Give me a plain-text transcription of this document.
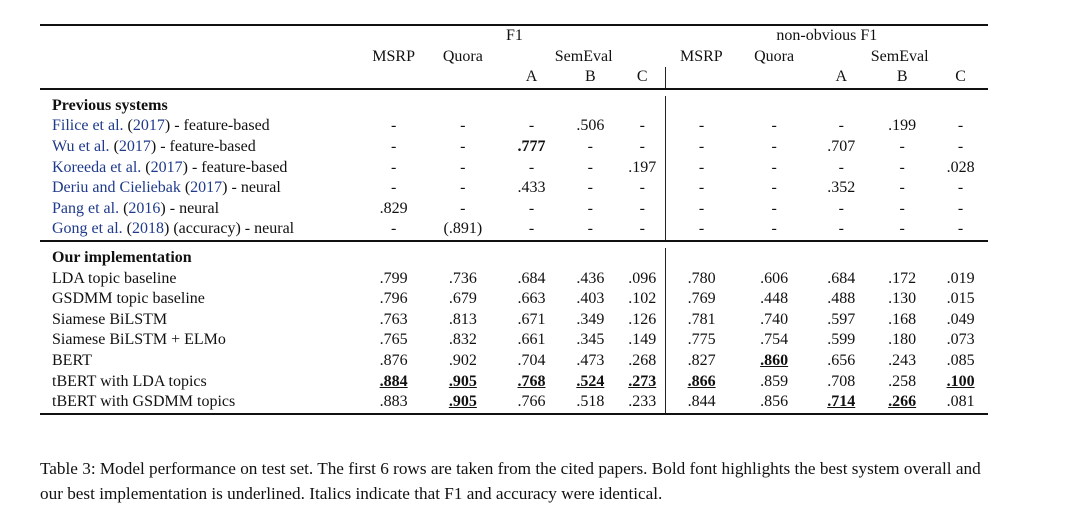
	F1					non-obvious F1				
	MSRP	Quora	SemEval			MSRP	Quora	SemEval		
			A	B	C			A	B	C

Previous systems										
Filice et al. (2017) - feature-based	-	-	-	.506	-	-	-	-	.199	-
Wu et al. (2017) - feature-based	-	-	.777	-	-	-	-	.707	-	-
Koreeda et al. (2017) - feature-based	-	-	-	-	.197	-	-	-	-	.028
Deriu and Cieliebak (2017) - neural	-	-	.433	-	-	-	-	.352	-	-
Pang et al. (2016) - neural	.829	-	-	-	-	-	-	-	-	-
Gong et al. (2018) (accuracy) - neural	-	(.891)	-	-	-	-	-	-	-	-

Our implementation										
LDA topic baseline	.799	.736	.684	.436	.096	.780	.606	.684	.172	.019
GSDMM topic baseline	.796	.679	.663	.403	.102	.769	.448	.488	.130	.015
Siamese BiLSTM	.763	.813	.671	.349	.126	.781	.740	.597	.168	.049
Siamese BiLSTM + ELMo	.765	.832	.661	.345	.149	.775	.754	.599	.180	.073
BERT	.876	.902	.704	.473	.268	.827	.860	.656	.243	.085
tBERT with LDA topics	.884	.905	.768	.524	.273	.866	.859	.708	.258	.100
tBERT with GSDMM topics	.883	.905	.766	.518	.233	.844	.856	.714	.266	.081

Table 3: Model performance on test set. The first 6 rows are taken from the cited papers. Bold font highlights the best system overall and our best implementation is underlined. Italics indicate that F1 and accuracy were identical.
